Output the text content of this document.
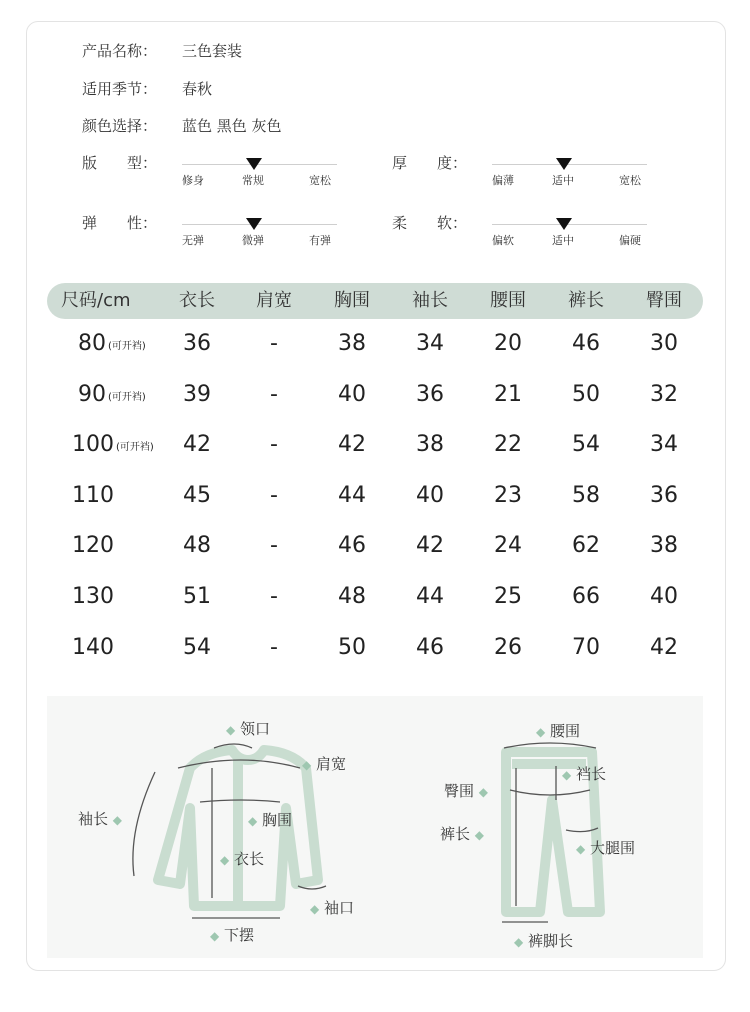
产品名称： 三色套装
适用季节： 春秋
颜色选择： 蓝色 黑色 灰色
版　　型：
修身	常规	宽松
厚　　度：
偏薄	适中	宽松
弹　　性：
无弹	微弹	有弹
柔　　软：
偏软	适中	偏硬
尺码/cm	衣长 肩宽 胸围 袖长 腰围 裤长 臀围
80 (可开裆) 36	-	38 34 20 46 30
90 (可开裆) 39	-	40 36 21 50 32
100 (可开裆) 42	-	42 38 22 54 34
110	45	-	44 40 23 58 36
120	48	-	46 42 24 62 38
130	51	-	48 44 25 66 40
140	54	-	50 46 26 70 42
◆ 领口
◆ 肩宽
◆ 胸围
袖长 ◆
◆ 衣长
◆ 袖口
◆ 下摆
◆ 腰围
◆ 裆长
臀围 ◆
裤长 ◆
◆ 大腿围
◆ 裤脚长
